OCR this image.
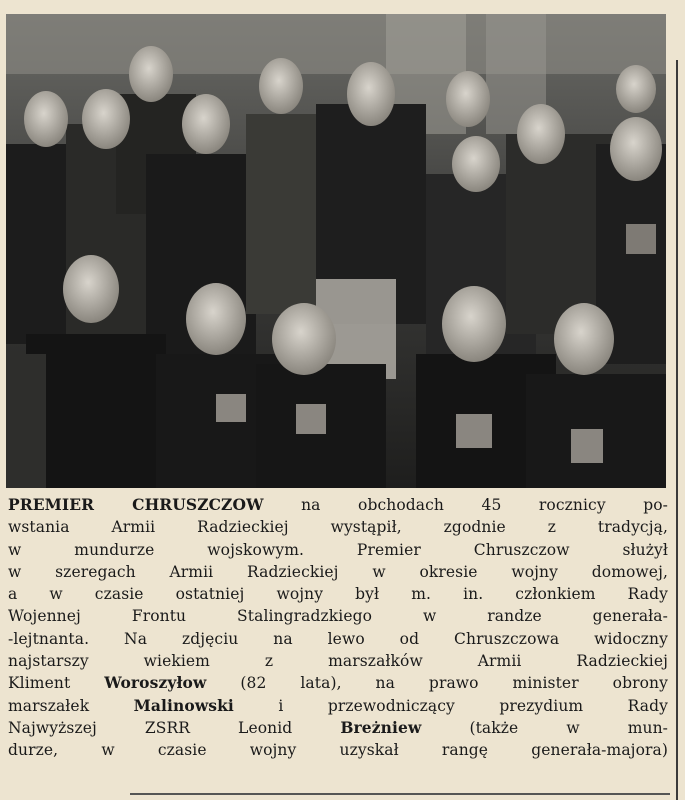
PREMIER CHRUSZCZOW na obchodach 45 rocznicy po-
wstania Armii Radzieckiej wystąpił, zgodnie z tradycją,
w mundurze wojskowym. Premier Chruszczow służył
w szeregach Armii Radzieckiej w okresie wojny domowej,
a w czasie ostatniej wojny był m. in. członkiem Rady
Wojennej Frontu Stalingradzkiego w randze generała-
-lejtnanta. Na zdjęciu na lewo od Chruszczowa widoczny
najstarszy wiekiem z marszałków Armii Radzieckiej
Kliment Woroszyłow (82 lata), na prawo minister obrony
marszałek Malinowski i przewodniczący prezydium Rady
Najwyższej ZSRR Leonid Breżniew (także w mun-
durze, w czasie wojny uzyskał rangę generała-majora)
